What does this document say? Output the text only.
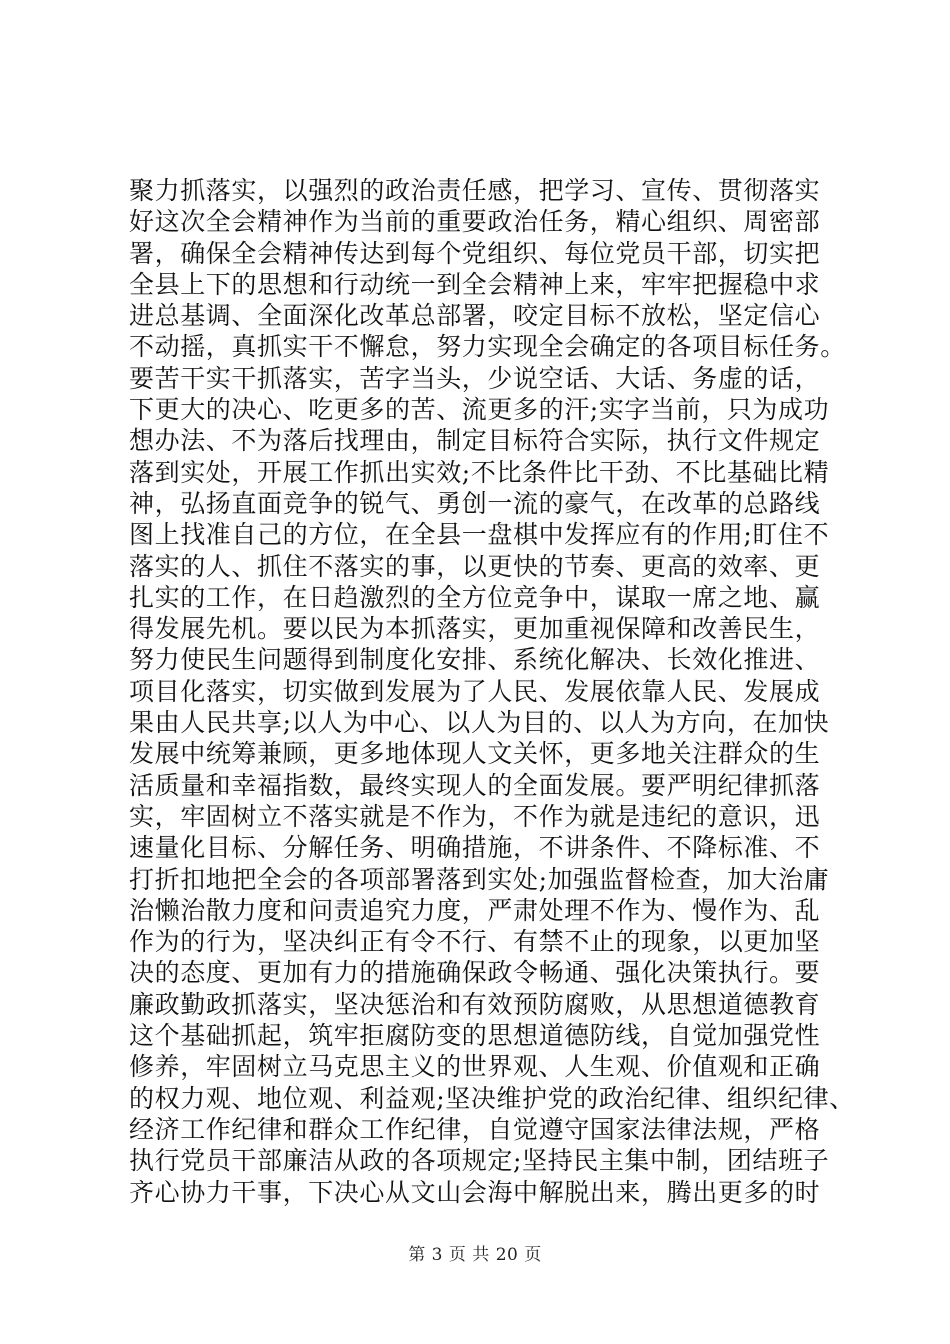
聚力抓落实，以强烈的政治责任感，把学习、宣传、贯彻落实
好这次全会精神作为当前的重要政治任务，精心组织、周密部
署，确保全会精神传达到每个党组织、每位党员干部，切实把
全县上下的思想和行动统一到全会精神上来，牢牢把握稳中求
进总基调、全面深化改革总部署，咬定目标不放松，坚定信心
不动摇，真抓实干不懈怠，努力实现全会确定的各项目标任务。
要苦干实干抓落实，苦字当头，少说空话、大话、务虚的话，
下更大的决心、吃更多的苦、流更多的汗;实字当前，只为成功
想办法、不为落后找理由，制定目标符合实际，执行文件规定
落到实处，开展工作抓出实效;不比条件比干劲、不比基础比精
神，弘扬直面竞争的锐气、勇创一流的豪气，在改革的总路线
图上找准自己的方位，在全县一盘棋中发挥应有的作用;盯住不
落实的人、抓住不落实的事，以更快的节奏、更高的效率、更
扎实的工作，在日趋激烈的全方位竞争中，谋取一席之地、赢
得发展先机。要以民为本抓落实，更加重视保障和改善民生，
努力使民生问题得到制度化安排、系统化解决、长效化推进、
项目化落实，切实做到发展为了人民、发展依靠人民、发展成
果由人民共享;以人为中心、以人为目的、以人为方向，在加快
发展中统筹兼顾，更多地体现人文关怀，更多地关注群众的生
活质量和幸福指数，最终实现人的全面发展。要严明纪律抓落
实，牢固树立不落实就是不作为，不作为就是违纪的意识，迅
速量化目标、分解任务、明确措施，不讲条件、不降标准、不
打折扣地把全会的各项部署落到实处;加强监督检查，加大治庸
治懒治散力度和问责追究力度，严肃处理不作为、慢作为、乱
作为的行为，坚决纠正有令不行、有禁不止的现象，以更加坚
决的态度、更加有力的措施确保政令畅通、强化决策执行。要
廉政勤政抓落实，坚决惩治和有效预防腐败，从思想道德教育
这个基础抓起，筑牢拒腐防变的思想道德防线，自觉加强党性
修养，牢固树立马克思主义的世界观、人生观、价值观和正确
的权力观、地位观、利益观;坚决维护党的政治纪律、组织纪律、
经济工作纪律和群众工作纪律，自觉遵守国家法律法规，严格
执行党员干部廉洁从政的各项规定;坚持民主集中制，团结班子
齐心协力干事，下决心从文山会海中解脱出来，腾出更多的时
第 3 页 共 20 页
